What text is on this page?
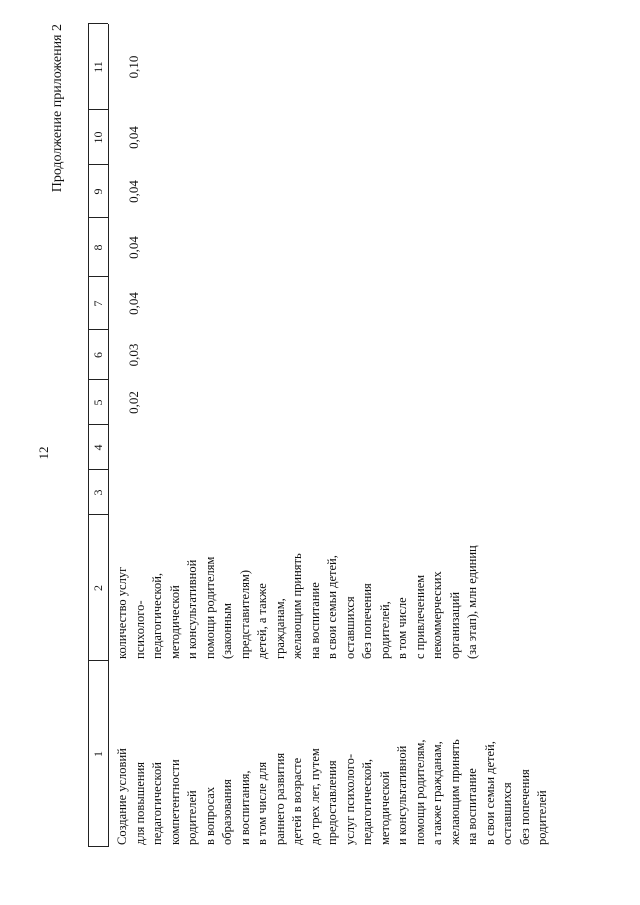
12
Продолжение приложения 2
1
2
3
4
5
6
7
8
9
10
11
Создание условий
для повышения
педагогической
компетентности
родителей
в вопросах
образования
и воспитания,
в том числе для
раннего развития
детей в возрасте
до трех лет, путем
предоставления
услуг психолого-
педагогической,
методической
и консультативной
помощи родителям,
а также гражданам,
желающим принять
на воспитание
в свои семьи детей,
оставшихся
без попечения
родителей
количество услуг
психолого-
педагогической,
методической
и консультативной
помощи родителям
(законным
представителям)
детей, а также
гражданам,
желающим принять
на воспитание
в свои семьи детей,
оставшихся
без попечения
родителей,
в том числе
с привлечением
некоммерческих
организаций
(за этап), млн единиц
0,02
0,03
0,04
0,04
0,04
0,04
0,10
